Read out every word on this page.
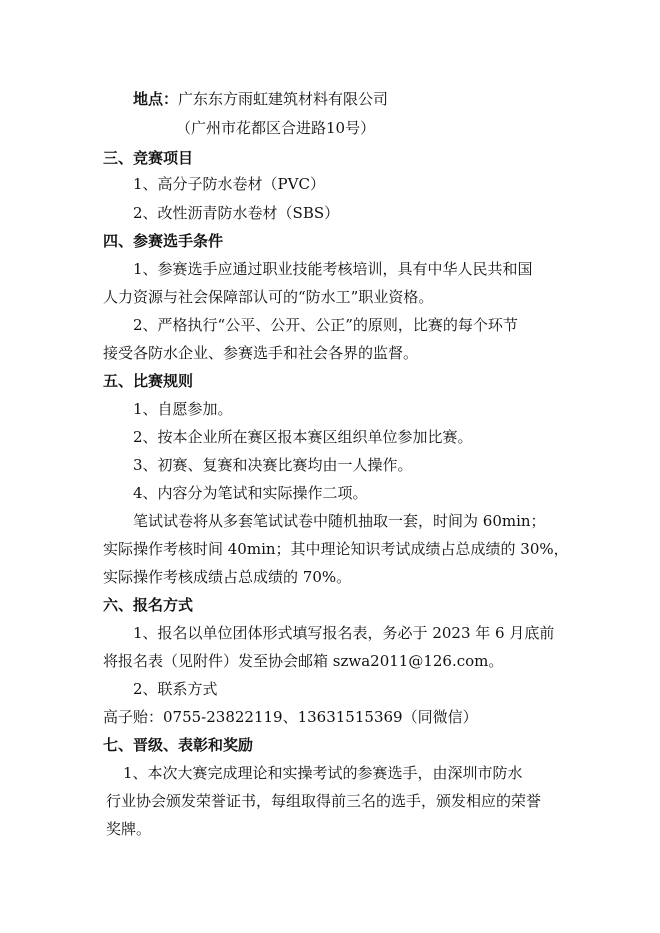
地点：广东东方雨虹建筑材料有限公司
（广州市花都区合进路10号）
三、竞赛项目
1、高分子防水卷材（PVC）
2、改性沥青防水卷材（SBS）
四、参赛选手条件
1、参赛选手应通过职业技能考核培训，具有中华人民共和国
人力资源与社会保障部认可的“防水工”职业资格。
2、严格执行“公平、公开、公正”的原则，比赛的每个环节
接受各防水企业、参赛选手和社会各界的监督。
五、比赛规则
1、自愿参加。
2、按本企业所在赛区报本赛区组织单位参加比赛。
3、初赛、复赛和决赛比赛均由一人操作。
4、内容分为笔试和实际操作二项。
笔试试卷将从多套笔试试卷中随机抽取一套，时间为 60min；
实际操作考核时间 40min；其中理论知识考试成绩占总成绩的 30%，
实际操作考核成绩占总成绩的 70%。
六、报名方式
1、报名以单位团体形式填写报名表，务必于 2023 年 6 月底前
将报名表（见附件）发至协会邮箱 szwa2011@126.com。
2、联系方式
高子贻：0755-23822119、13631515369（同微信）
七、晋级、表彰和奖励
1、本次大赛完成理论和实操考试的参赛选手，由深圳市防水
行业协会颁发荣誉证书，每组取得前三名的选手，颁发相应的荣誉
奖牌。
